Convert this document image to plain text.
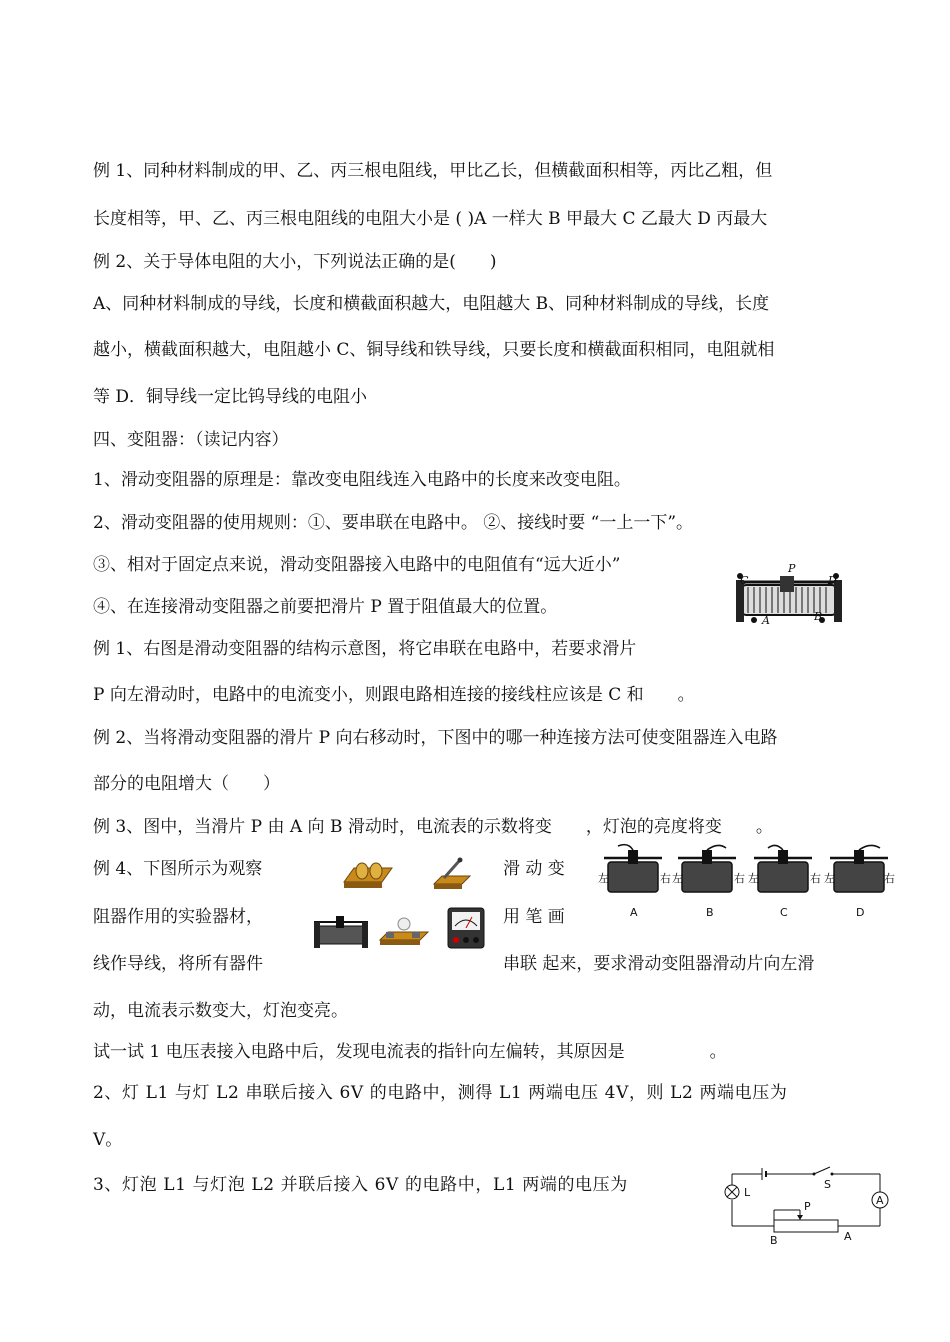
例 1、同种材料制成的甲、乙、丙三根电阻线，甲比乙长，但横截面积相等，丙比乙粗，但
长度相等，甲、乙、丙三根电阻线的电阻大小是 ( )A 一样大 B 甲最大 C 乙最大 D 丙最大
例 2、关于导体电阻的大小，下列说法正确的是(　　)
A、同种材料制成的导线，长度和横截面积越大，电阻越大 B、同种材料制成的导线，长度
越小，横截面积越大，电阻越小 C、铜导线和铁导线，只要长度和横截面积相同，电阻就相
等 D．铜导线一定比钨导线的电阻小
四、变阻器：（读记内容）
1、滑动变阻器的原理是：靠改变电阻线连入电路中的长度来改变电阻。
2、滑动变阻器的使用规则：①、要串联在电路中。 ②、接线时要 “一上一下”。
③、相对于固定点来说，滑动变阻器接入电路中的电阻值有“远大近小”
④、在连接滑动变阻器之前要把滑片 P 置于阻值最大的位置。
例 1、右图是滑动变阻器的结构示意图，将它串联在电路中，若要求滑片
P 向左滑动时，电路中的电流变小，则跟电路相连接的接线柱应该是 C 和　　。
例 2、当将滑动变阻器的滑片 P 向右移动时，下图中的哪一种连接方法可使变阻器连入电路
部分的电阻增大（　　）
例 3、图中，当滑片 P 由 A 向 B 滑动时，电流表的示数将变　　，灯泡的亮度将变　　。
例 4、下图所示为观察	滑 动 变
阻器作用的实验器材，	用 笔 画
线作导线，将所有器件	串联 起来，要求滑动变阻器滑动片向左滑
动，电流表示数变大，灯泡变亮。
试一试 1 电压表接入电路中后，发现电流表的指针向左偏转，其原因是　　　　　。
2、灯 L1 与灯 L2 串联后接入 6V 的电路中，测得 L1 两端电压 4V，则 L2 两端电压为
V。
3、灯泡 L1 与灯泡 L2 并联后接入 6V 的电路中，L1 两端的电压为
C
P
D
A	B
左	右
A
左	右
B
左	右
C
左	右
D
L
S
A
P
B	A
